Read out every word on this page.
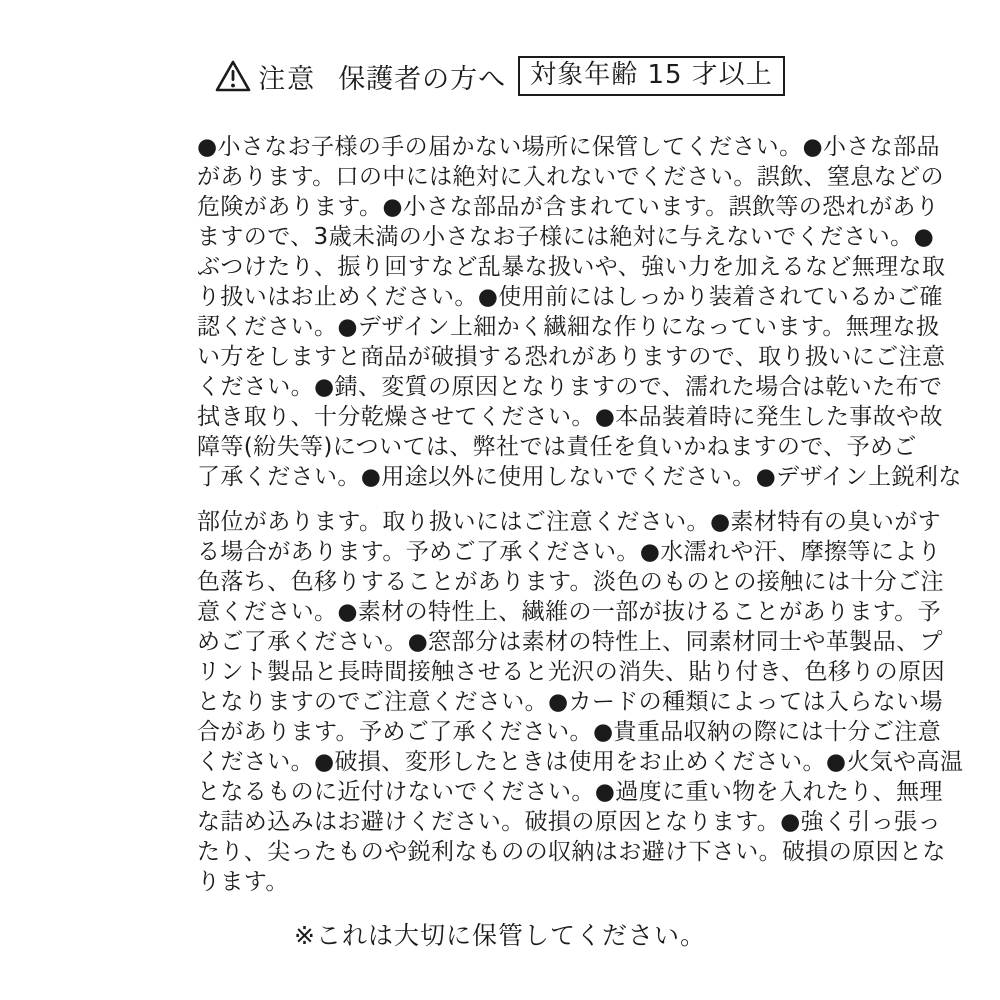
注意 保護者の方へ 対象年齢 15 才以上
●小さなお子様の手の届かない場所に保管してください。●小さな部品
があります。口の中には絶対に入れないでください。誤飲、窒息などの
危険があります。●小さな部品が含まれています。誤飲等の恐れがあり
ますので、3歳未満の小さなお子様には絶対に与えないでください。●
ぶつけたり、振り回すなど乱暴な扱いや、強い力を加えるなど無理な取
り扱いはお止めください。●使用前にはしっかり装着されているかご確
認ください。●デザイン上細かく繊細な作りになっています。無理な扱
い方をしますと商品が破損する恐れがありますので、取り扱いにご注意
ください。●錆、変質の原因となりますので、濡れた場合は乾いた布で
拭き取り、十分乾燥させてください。●本品装着時に発生した事故や故
障等(紛失等)については、弊社では責任を負いかねますので、予めご
了承ください。●用途以外に使用しないでください。●デザイン上鋭利な
部位があります。取り扱いにはご注意ください。●素材特有の臭いがす
る場合があります。予めご了承ください。●水濡れや汗、摩擦等により
色落ち、色移りすることがあります。淡色のものとの接触には十分ご注
意ください。●素材の特性上、繊維の一部が抜けることがあります。予
めご了承ください。●窓部分は素材の特性上、同素材同士や革製品、プ
リント製品と長時間接触させると光沢の消失、貼り付き、色移りの原因
となりますのでご注意ください。●カードの種類によっては入らない場
合があります。予めご了承ください。●貴重品収納の際には十分ご注意
ください。●破損、変形したときは使用をお止めください。●火気や高温
となるものに近付けないでください。●過度に重い物を入れたり、無理
な詰め込みはお避けください。破損の原因となります。●強く引っ張っ
たり、尖ったものや鋭利なものの収納はお避け下さい。破損の原因とな
ります。
※これは大切に保管してください。
